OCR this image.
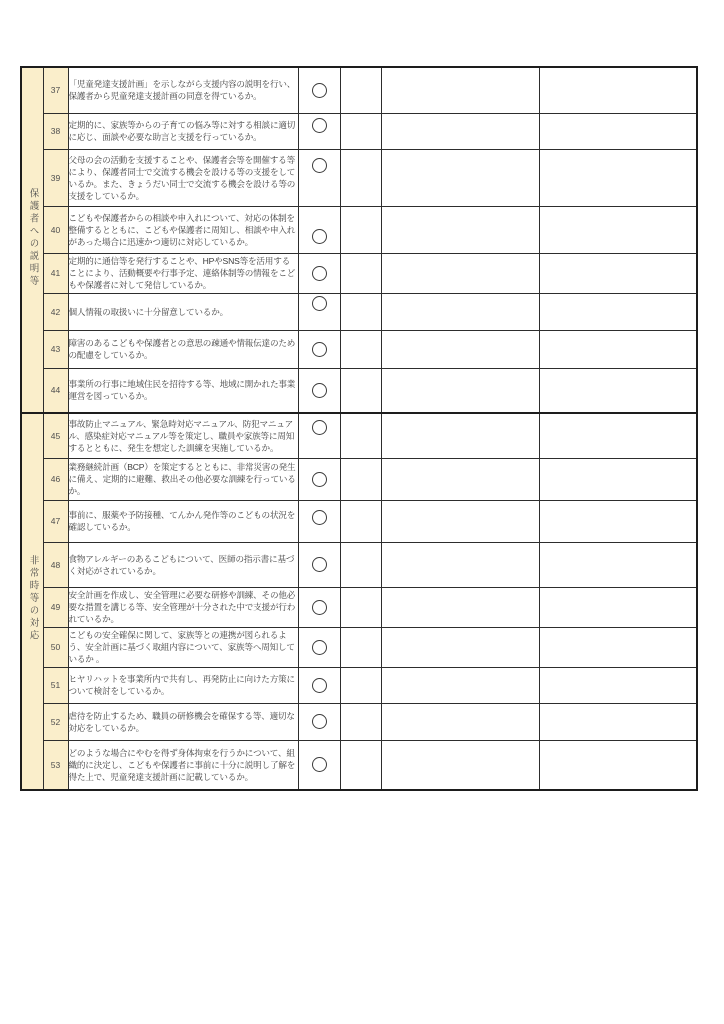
保護者への説明等	37	「児童発達支援計画」を示しながら支援内容の説明を行い、保護者から児童発達支援計画の同意を得ているか。	

	38	定期的に、家族等からの子育ての悩み等に対する相談に適切に応じ、面談や必要な助言と支援を行っているか。	

	39	父母の会の活動を支援することや、保護者会等を開催する等により、保護者同士で交流する機会を設ける等の支援をしているか。また、きょうだい同士で交流する機会を設ける等の支援をしているか。	

	40	こどもや保護者からの相談や申入れについて、対応の体制を整備するとともに、こどもや保護者に周知し、相談や申入れがあった場合に迅速かつ適切に対応しているか。	

	41	定期的に通信等を発行することや、HPやSNS等を活用することにより、活動概要や行事予定、連絡体制等の情報をこどもや保護者に対して発信しているか。	

	42	個人情報の取扱いに十分留意しているか。	

	43	障害のあるこどもや保護者との意思の疎通や情報伝達のための配慮をしているか。	

	44	事業所の行事に地域住民を招待する等、地域に開かれた事業運営を図っているか。	

非常時等の対応	45	事故防止マニュアル、緊急時対応マニュアル、防犯マニュアル、感染症対応マニュアル等を策定し、職員や家族等に周知するとともに、発生を想定した訓練を実施しているか。	

	46	業務継続計画（BCP）を策定するとともに、非常災害の発生に備え、定期的に避難、救出その他必要な訓練を行っているか。	

	47	事前に、服薬や予防接種、てんかん発作等のこどもの状況を確認しているか。	

	48	食物アレルギーのあるこどもについて、医師の指示書に基づく対応がされているか。	

	49	安全計画を作成し、安全管理に必要な研修や訓練、その他必要な措置を講じる等、安全管理が十分された中で支援が行われているか。	

	50	こどもの安全確保に関して、家族等との連携が図られるよう、安全計画に基づく取組内容について、家族等へ周知しているか 。	

	51	ヒヤリハットを事業所内で共有し、再発防止に向けた方策について検討をしているか。	

	52	虐待を防止するため、職員の研修機会を確保する等、適切な対応をしているか。	

	53	どのような場合にやむを得ず身体拘束を行うかについて、組織的に決定し、こどもや保護者に事前に十分に説明し了解を得た上で、児童発達支援計画に記載しているか。	
